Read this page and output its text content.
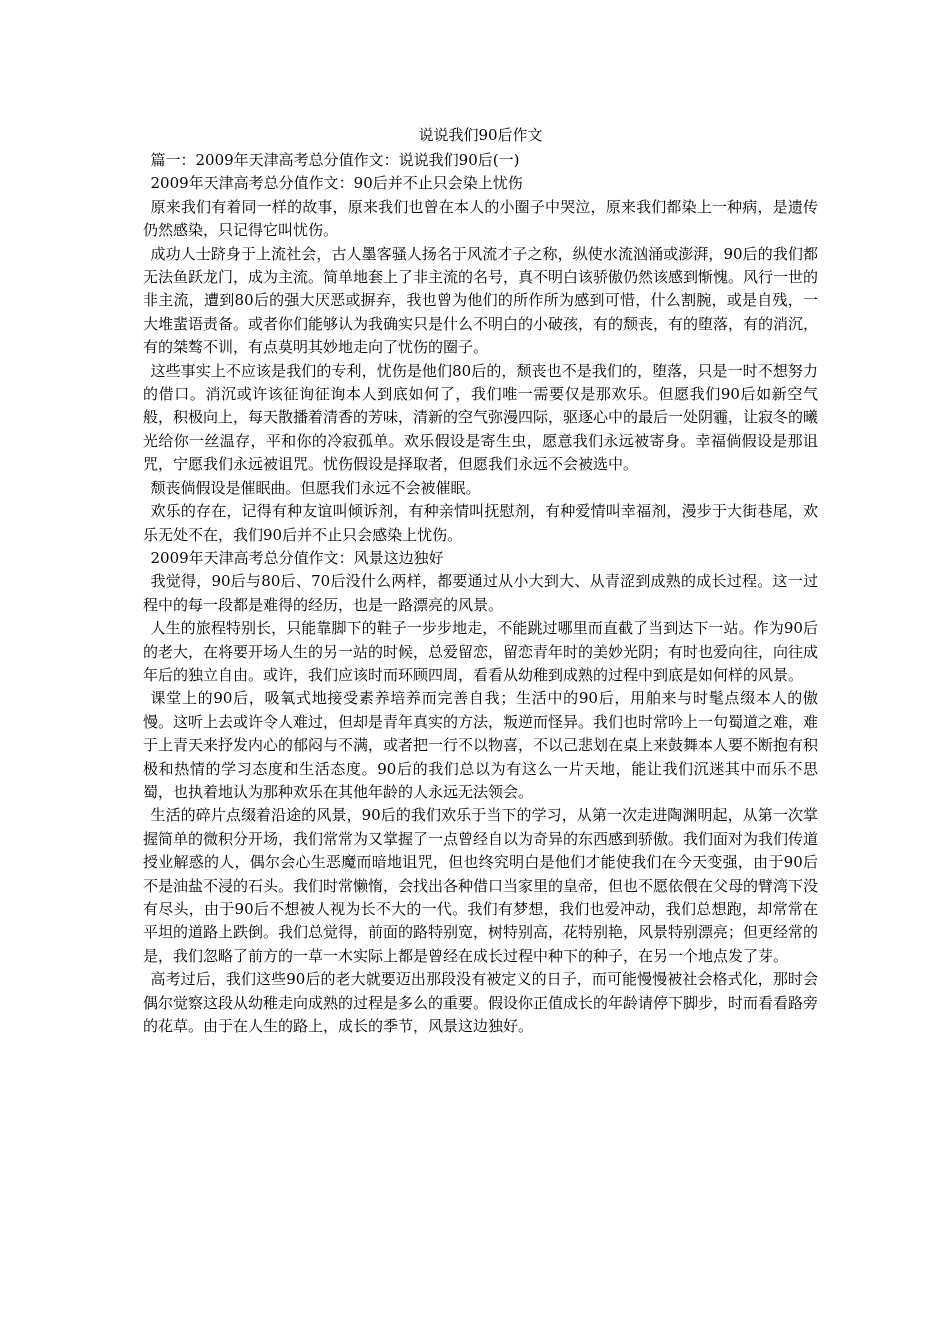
说说我们90后作文

篇一：2009年天津高考总分值作文：说说我们90后(一)

2009年天津高考总分值作文：90后并不止只会染上忧伤

原来我们有着同一样的故事，原来我们也曾在本人的小圈子中哭泣，原来我们都染上一种病，是遗传仍然感染，只记得它叫忧伤。

成功人士跻身于上流社会，古人墨客骚人扬名于风流才子之称，纵使水流汹涌或澎湃，90后的我们都无法鱼跃龙门，成为主流。简单地套上了非主流的名号，真不明白该骄傲仍然该感到惭愧。风行一世的非主流，遭到80后的强大厌恶或摒弃，我也曾为他们的所作所为感到可惜，什么割腕，或是自残，一大堆蜚语责备。或者你们能够认为我确实只是什么不明白的小破孩，有的颓丧，有的堕落，有的消沉，有的桀骜不训，有点莫明其妙地走向了忧伤的圈子。

这些事实上不应该是我们的专利，忧伤是他们80后的，颓丧也不是我们的，堕落，只是一时不想努力的借口。消沉或许该征询征询本人到底如何了，我们唯一需要仅是那欢乐。但愿我们90后如新空气般，积极向上，每天散播着清香的芳味，清新的空气弥漫四际，驱逐心中的最后一处阴霾，让寂冬的曦光给你一丝温存，平和你的冷寂孤单。欢乐假设是寄生虫，愿意我们永远被寄身。幸福倘假设是那诅咒，宁愿我们永远被诅咒。忧伤假设是择取者，但愿我们永远不会被选中。

颓丧倘假设是催眠曲。但愿我们永远不会被催眠。

欢乐的存在，记得有种友谊叫倾诉剂，有种亲情叫抚慰剂，有种爱情叫幸福剂，漫步于大街巷尾，欢乐无处不在，我们90后并不止只会感染上忧伤。

2009年天津高考总分值作文：风景这边独好

我觉得，90后与80后、70后没什么两样，都要通过从小大到大、从青涩到成熟的成长过程。这一过程中的每一段都是难得的经历，也是一路漂亮的风景。

人生的旅程特别长，只能靠脚下的鞋子一步步地走，不能跳过哪里而直截了当到达下一站。作为90后的老大，在将要开场人生的另一站的时候，总爱留恋，留恋青年时的美妙光阴；有时也爱向往，向往成年后的独立自由。或许，我们应该时而环顾四周，看看从幼稚到成熟的过程中到底是如何样的风景。

课堂上的90后，吸氧式地接受素养培养而完善自我；生活中的90后，用舶来与时髦点缀本人的傲慢。这听上去或许令人难过，但却是青年真实的方法，叛逆而怪异。我们也时常吟上一句蜀道之难，难于上青天来抒发内心的郁闷与不满，或者把一行不以物喜，不以己悲划在桌上来鼓舞本人要不断抱有积极和热情的学习态度和生活态度。90后的我们总以为有这么一片天地，能让我们沉迷其中而乐不思蜀，也执着地认为那种欢乐在其他年龄的人永远无法领会。

生活的碎片点缀着沿途的风景，90后的我们欢乐于当下的学习，从第一次走进陶渊明起，从第一次掌握简单的微积分开场，我们常常为又掌握了一点曾经自以为奇异的东西感到骄傲。我们面对为我们传道授业解惑的人，偶尔会心生恶魔而暗地诅咒，但也终究明白是他们才能使我们在今天变强，由于90后不是油盐不浸的石头。我们时常懒惰，会找出各种借口当家里的皇帝，但也不愿依偎在父母的臂湾下没有尽头，由于90后不想被人视为长不大的一代。我们有梦想，我们也爱冲动，我们总想跑，却常常在平坦的道路上跌倒。我们总觉得，前面的路特别宽，树特别高，花特别艳，风景特别漂亮；但更经常的是，我们忽略了前方的一草一木实际上都是曾经在成长过程中种下的种子，在另一个地点发了芽。

高考过后，我们这些90后的老大就要迈出那段没有被定义的日子，而可能慢慢被社会格式化，那时会偶尔觉察这段从幼稚走向成熟的过程是多么的重要。假设你正值成长的年龄请停下脚步，时而看看路旁的花草。由于在人生的路上，成长的季节，风景这边独好。
